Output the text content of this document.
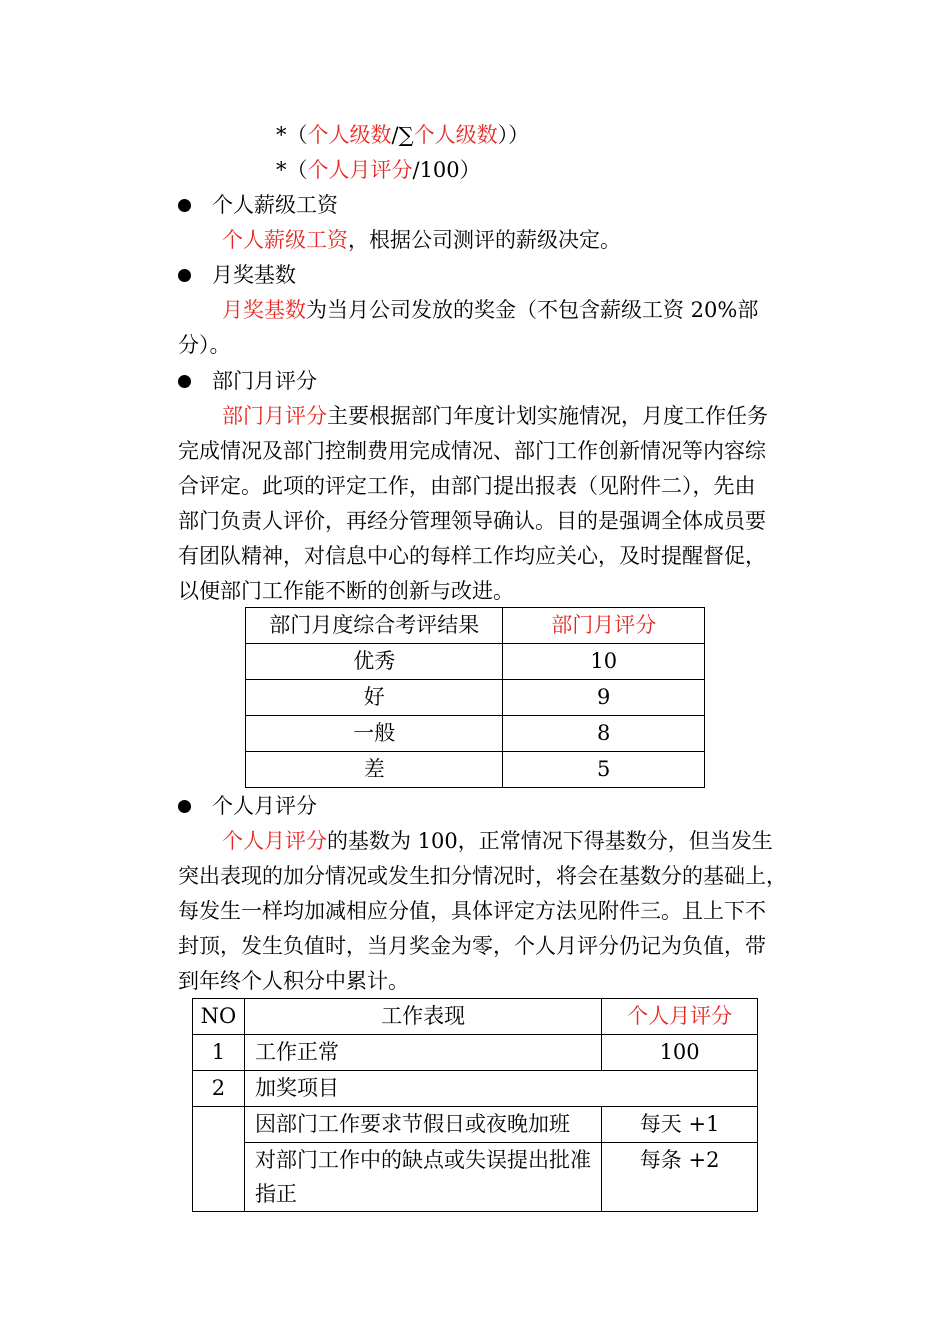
*（个人级数/∑个人级数））
*（个人月评分/100）
个人薪级工资
个人薪级工资，根据公司测评的薪级决定。
月奖基数
月奖基数为当月公司发放的奖金（不包含薪级工资 20%部
分）。
部门月评分
部门月评分主要根据部门年度计划实施情况，月度工作任务
完成情况及部门控制费用完成情况、部门工作创新情况等内容综
合评定。此项的评定工作，由部门提出报表（见附件二），先由
部门负责人评价，再经分管理领导确认。目的是强调全体成员要
有团队精神，对信息中心的每样工作均应关心，及时提醒督促，
以便部门工作能不断的创新与改进。
部门月度综合考评结果	部门月评分
优秀	10
好	9
一般	8
差	5
个人月评分
个人月评分的基数为 100，正常情况下得基数分，但当发生
突出表现的加分情况或发生扣分情况时，将会在基数分的基础上，
每发生一样均加减相应分值，具体评定方法见附件三。且上下不
封顶，发生负值时，当月奖金为零，个人月评分仍记为负值，带
到年终个人积分中累计。
NO	工作表现	个人月评分
1	工作正常	100
2	加奖项目	
	因部门工作要求节假日或夜晚加班	每天 +1
	对部门工作中的缺点或失误提出批准指正	每条 +2
